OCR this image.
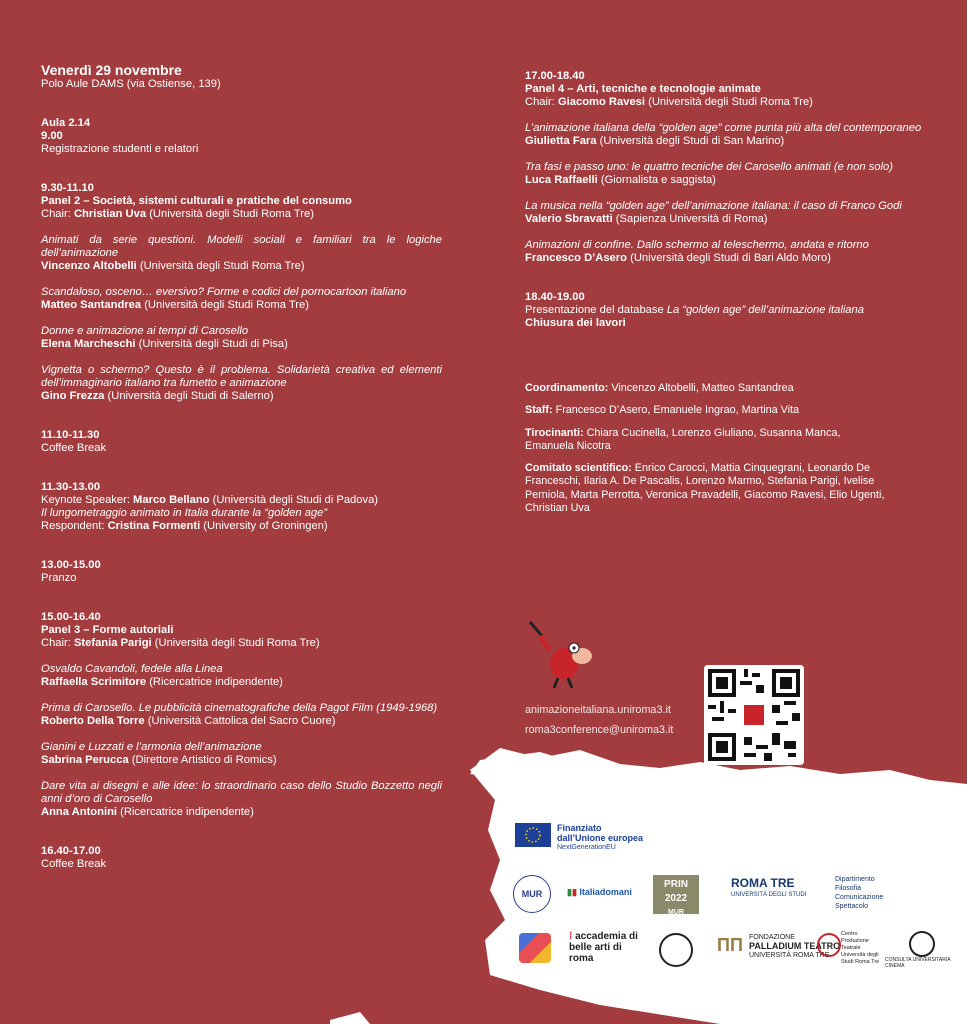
Venerdì 29 novembre
Polo Aule DAMS (via Ostiense, 139)
Aula 2.14
9.00
Registrazione studenti e relatori
9.30-11.10
Panel 2 – Società, sistemi culturali e pratiche del consumo
Chair: Christian Uva (Università degli Studi Roma Tre)
Animati da serie questioni. Modelli sociali e familiari tra le logiche dell’animazione
Vincenzo Altobelli (Università degli Studi Roma Tre)
Scandaloso, osceno… eversivo? Forme e codici del pornocartoon italiano
Matteo Santandrea (Università degli Studi Roma Tre)
Donne e animazione ai tempi di Carosello
Elena Marcheschi (Università degli Studi di Pisa)
Vignetta o schermo? Questo è il problema. Solidarietà creativa ed elementi dell’immaginario italiano tra fumetto e animazione
Gino Frezza (Università degli Studi di Salerno)
11.10-11.30
Coffee Break
11.30-13.00
Keynote Speaker: Marco Bellano (Università degli Studi di Padova)
Il lungometraggio animato in Italia durante la “golden age”
Respondent: Cristina Formenti (University of Groningen)
13.00-15.00
Pranzo
15.00-16.40
Panel 3 – Forme autoriali
Chair: Stefania Parigi (Università degli Studi Roma Tre)
Osvaldo Cavandoli, fedele alla Linea
Raffaella Scrimitore (Ricercatrice indipendente)
Prima di Carosello. Le pubblicità cinematografiche della Pagot Film (1949-1968)
Roberto Della Torre (Università Cattolica del Sacro Cuore)
Gianini e Luzzati e l’armonia dell’animazione
Sabrina Perucca (Direttore Artistico di Romics)
Dare vita ai disegni e alle idee: lo straordinario caso dello Studio Bozzetto negli anni d’oro di Carosello
Anna Antonini (Ricercatrice indipendente)
16.40-17.00
Coffee Break
17.00-18.40
Panel 4 – Arti, tecniche e tecnologie animate
Chair: Giacomo Ravesi (Università degli Studi Roma Tre)
L’animazione italiana della “golden age” come punta più alta del contemporaneo
Giulietta Fara (Università degli Studi di San Marino)
Tra fasi e passo uno: le quattro tecniche dei Carosello animati (e non solo)
Luca Raffaelli (Giornalista e saggista)
La musica nella “golden age” dell’animazione italiana: il caso di Franco Godi
Valerio Sbravatti (Sapienza Università di Roma)
Animazioni di confine. Dallo schermo al teleschermo, andata e ritorno
Francesco D’Asero (Università degli Studi di Bari Aldo Moro)
18.40-19.00
Presentazione del database La “golden age” dell’animazione italiana
Chiusura dei lavori
Coordinamento: Vincenzo Altobelli, Matteo Santandrea
Staff: Francesco D’Asero, Emanuele Ingrao, Martina Vita
Tirocinanti: Chiara Cucinella, Lorenzo Giuliano, Susanna Manca, Emanuela Nicotra
Comitato scientifico: Enrico Carocci, Mattia Cinquegrani, Leonardo De Franceschi, Ilaria A. De Pascalis, Lorenzo Marmo, Stefania Parigi, Ivelise Perniola, Marta Perrotta, Veronica Pravadelli, Giacomo Ravesi, Elio Ugenti, Christian Uva
animazioneitaliana.uniroma3.it
roma3conference@uniroma3.it
Finanziato
dall’Unione europea
NextGenerationEU
MUR	▮▮ Italiadomani
PRIN 2022
MUR
ROMA TRE
UNIVERSITÀ DEGLI STUDI
Dipartimento
Filosofia
Comunicazione
Spettacolo
⁞ accademia di belle arti di roma
ПП FONDAZIONE
PALLADIUM TEATRO
UNIVERSITÀ ROMA TRE
Centro Produzione Teatrale Università degli Studi Roma Tre	CONSULTA UNIVERSITARIA CINEMA
